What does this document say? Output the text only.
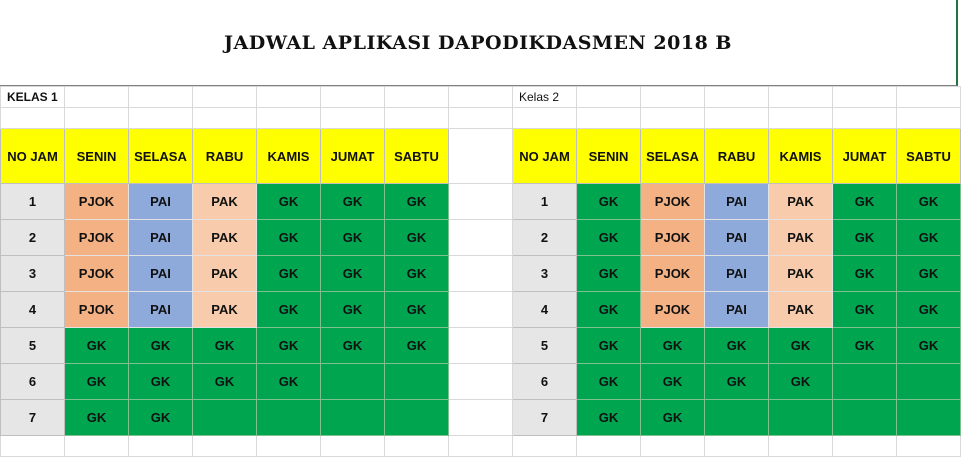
JADWAL APLIKASI DAPODIKDASMEN 2018 B
KELAS 1								Kelas 2						

NO JAM	SENIN	SELASA	RABU	KAMIS	JUMAT	SABTU		NO JAM	SENIN	SELASA	RABU	KAMIS	JUMAT	SABTU
1	PJOK	PAI	PAK	GK	GK	GK		1	GK	PJOK	PAI	PAK	GK	GK
2	PJOK	PAI	PAK	GK	GK	GK		2	GK	PJOK	PAI	PAK	GK	GK
3	PJOK	PAI	PAK	GK	GK	GK		3	GK	PJOK	PAI	PAK	GK	GK
4	PJOK	PAI	PAK	GK	GK	GK		4	GK	PJOK	PAI	PAK	GK	GK
5	GK	GK	GK	GK	GK	GK		5	GK	GK	GK	GK	GK	GK
6	GK	GK	GK	GK				6	GK	GK	GK	GK		
7	GK	GK						7	GK	GK				
